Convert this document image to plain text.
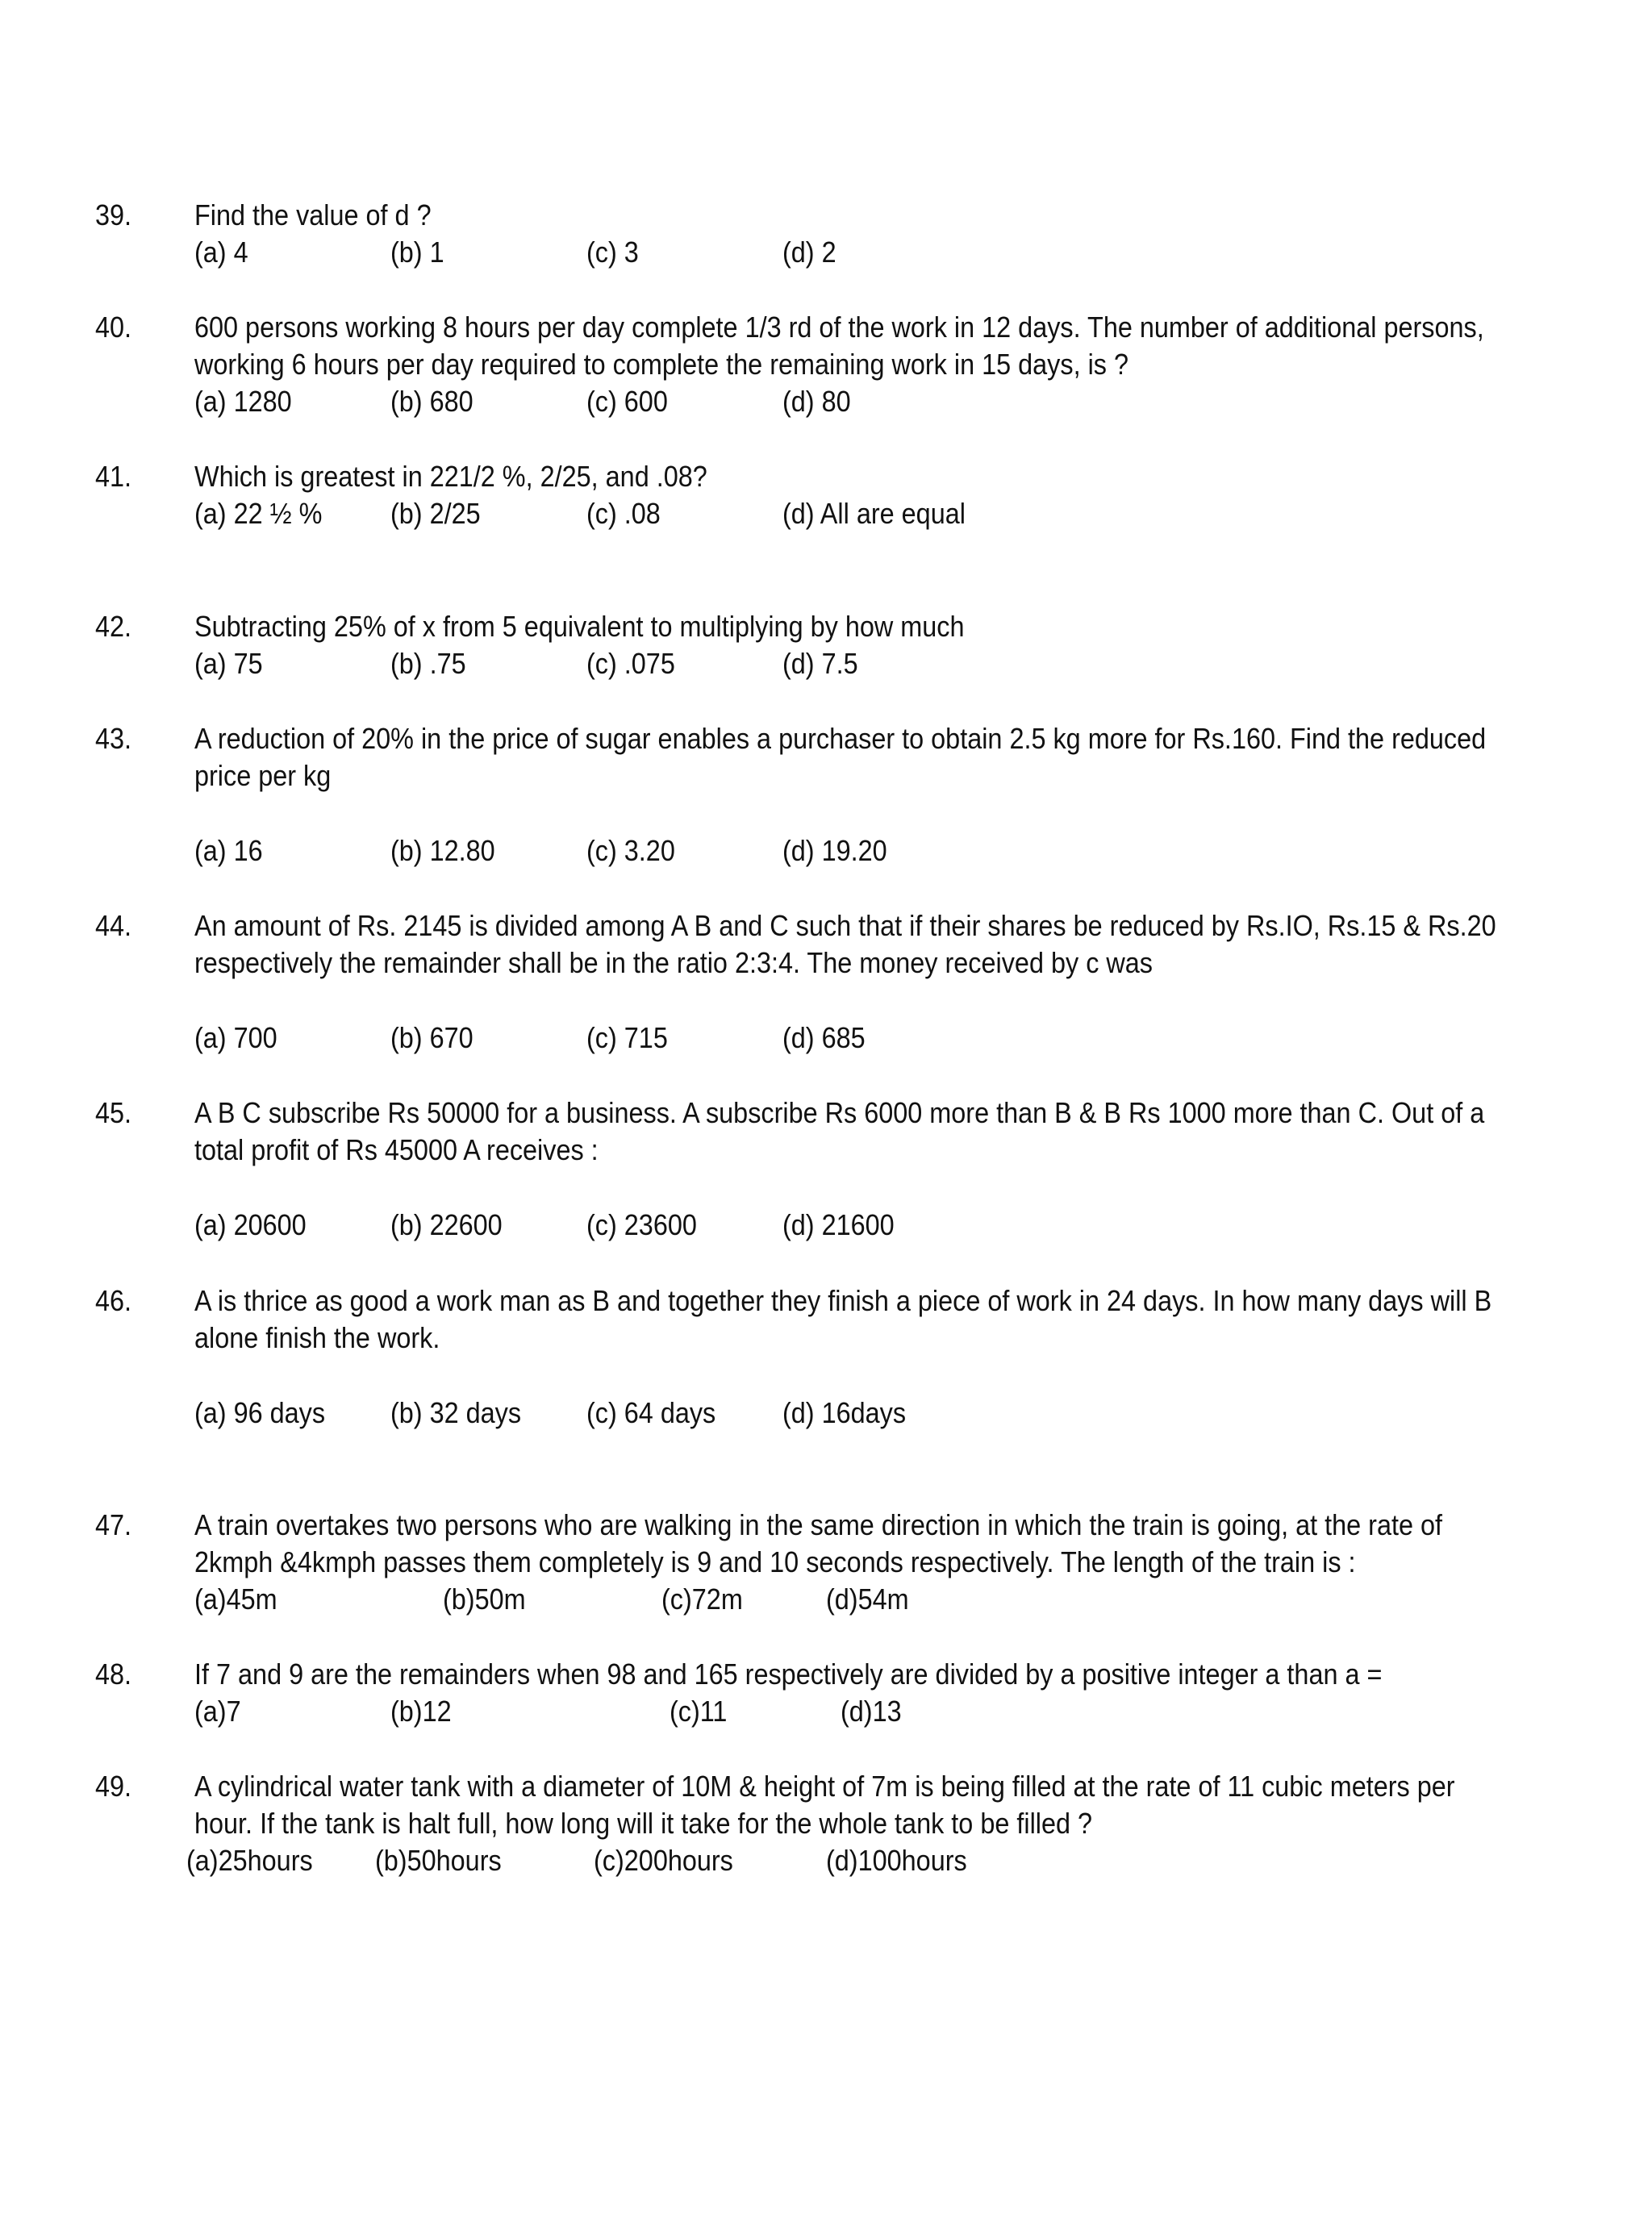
39. Find the value of d ?
(a) 4	(b) 1	(c) 3	(d) 2
40. 600 persons working 8 hours per day complete 1/3 rd of the work in 12 days. The number of additional persons,
working 6 hours per day required to complete the remaining work in 15 days, is ?
(a) 1280	(b) 680	(c) 600	(d) 80
41. Which is greatest in 221/2 %, 2/25, and .08?
(a) 22 ½ % (b) 2/25	(c) .08	(d) All are equal
42. Subtracting 25% of x from 5 equivalent to multiplying by how much
(a) 75	(b) .75	(c) .075	(d) 7.5
43. A reduction of 20% in the price of sugar enables a purchaser to obtain 2.5 kg more for Rs.160. Find the reduced
price per kg
(a) 16	(b) 12.80	(c) 3.20	(d) 19.20
44. An amount of Rs. 2145 is divided among A B and C such that if their shares be reduced by Rs.IO, Rs.15 & Rs.20
respectively the remainder shall be in the ratio 2:3:4. The money received by c was
(a) 700	(b) 670	(c) 715	(d) 685
45. A B C subscribe Rs 50000 for a business. A subscribe Rs 6000 more than B & B Rs 1000 more than C. Out of a
total profit of Rs 45000 A receives :
(a) 20600	(b) 22600	(c) 23600	(d) 21600
46. A is thrice as good a work man as B and together they finish a piece of work in 24 days. In how many days will B
alone finish the work.
(a) 96 days (b) 32 days (c) 64 days (d) 16days
47. A train overtakes two persons who are walking in the same direction in which the train is going, at the rate of
2kmph &4kmph passes them completely is 9 and 10 seconds respectively. The length of the train is :
(a)45m	(b)50m	(c)72m	(d)54m
48. If 7 and 9 are the remainders when 98 and 165 respectively are divided by a positive integer a than a =
(a)7	(b)12	(c)11	(d)13
49. A cylindrical water tank with a diameter of 10M & height of 7m is being filled at the rate of 11 cubic meters per
hour. If the tank is halt full, how long will it take for the whole tank to be filled ?
(a)25hours (b)50hours	(c)200hours	(d)100hours
